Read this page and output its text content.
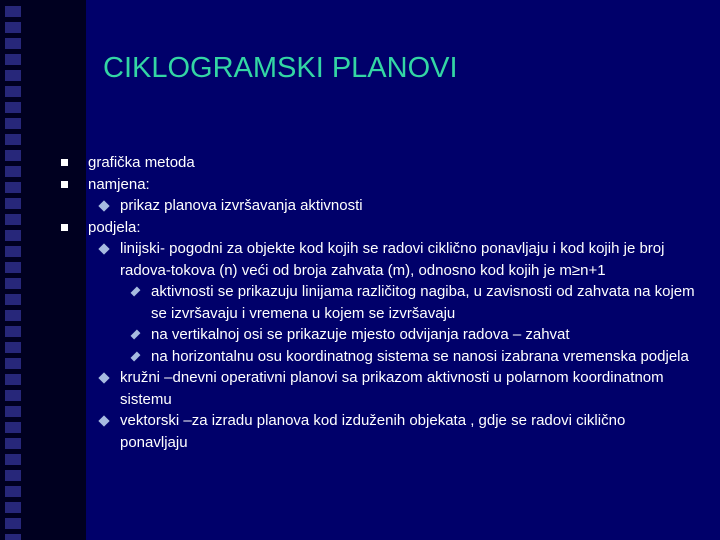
CIKLOGRAMSKI PLANOVI
grafička metoda
namjena:
prikaz planova izvršavanja aktivnosti
podjela:
linijski- pogodni za objekte kod kojih se radovi ciklično ponavljaju i kod kojih je broj radova-tokova (n) veći od broja zahvata (m), odnosno kod kojih je m≥n+1
aktivnosti se prikazuju linijama različitog nagiba, u zavisnosti od zahvata na kojem se izvršavaju i vremena u kojem se izvršavaju
na vertikalnoj osi se prikazuje mjesto odvijanja radova – zahvat
na horizontalnu osu koordinatnog sistema se nanosi izabrana vremenska podjela
kružni –dnevni operativni planovi sa prikazom aktivnosti u polarnom koordinatnom sistemu
vektorski –za izradu planova kod izduženih objekata , gdje se radovi ciklično ponavljaju
